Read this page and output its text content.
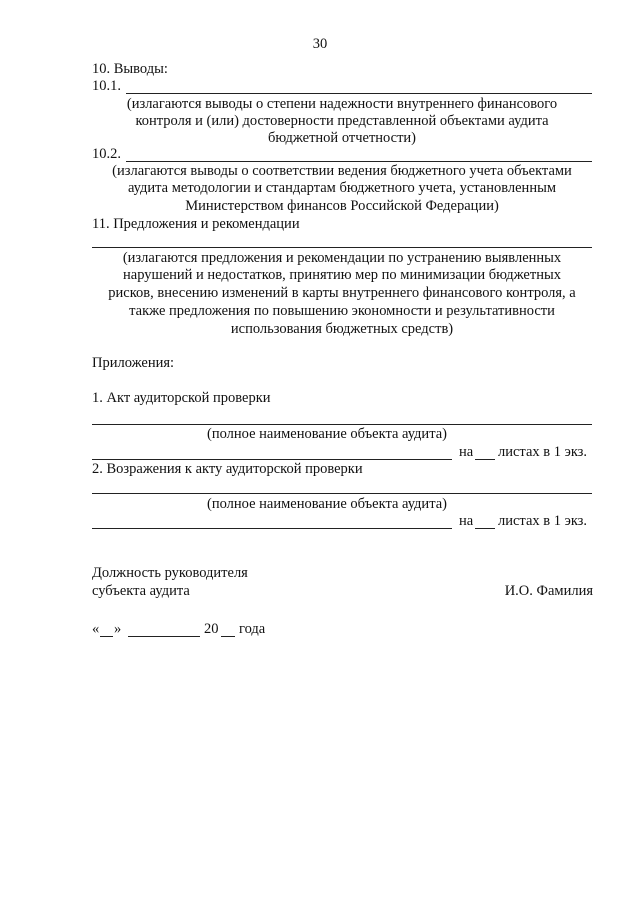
30
10. Выводы:
10.1.
(излагаются выводы о степени надежности внутреннего финансового
контроля и (или) достоверности представленной объектами аудита
бюджетной отчетности)
10.2.
(излагаются выводы о соответствии ведения бюджетного учета объектами
аудита методологии и стандартам бюджетного учета, установленным
Министерством финансов Российской Федерации)
11. Предложения и рекомендации
(излагаются предложения и рекомендации по устранению выявленных
нарушений и недостатков, принятию мер по минимизации бюджетных
рисков, внесению изменений в карты внутреннего финансового контроля, а
также предложения по повышению экономности и результативности
использования бюджетных средств)
Приложения:
1. Акт аудиторской проверки
(полное наименование объекта аудита)
на листах в 1 экз.
2. Возражения к акту аудиторской проверки
(полное наименование объекта аудита)
на листах в 1 экз.
Должность руководителя
субъекта аудита	И.О. Фамилия
« »	20 года
